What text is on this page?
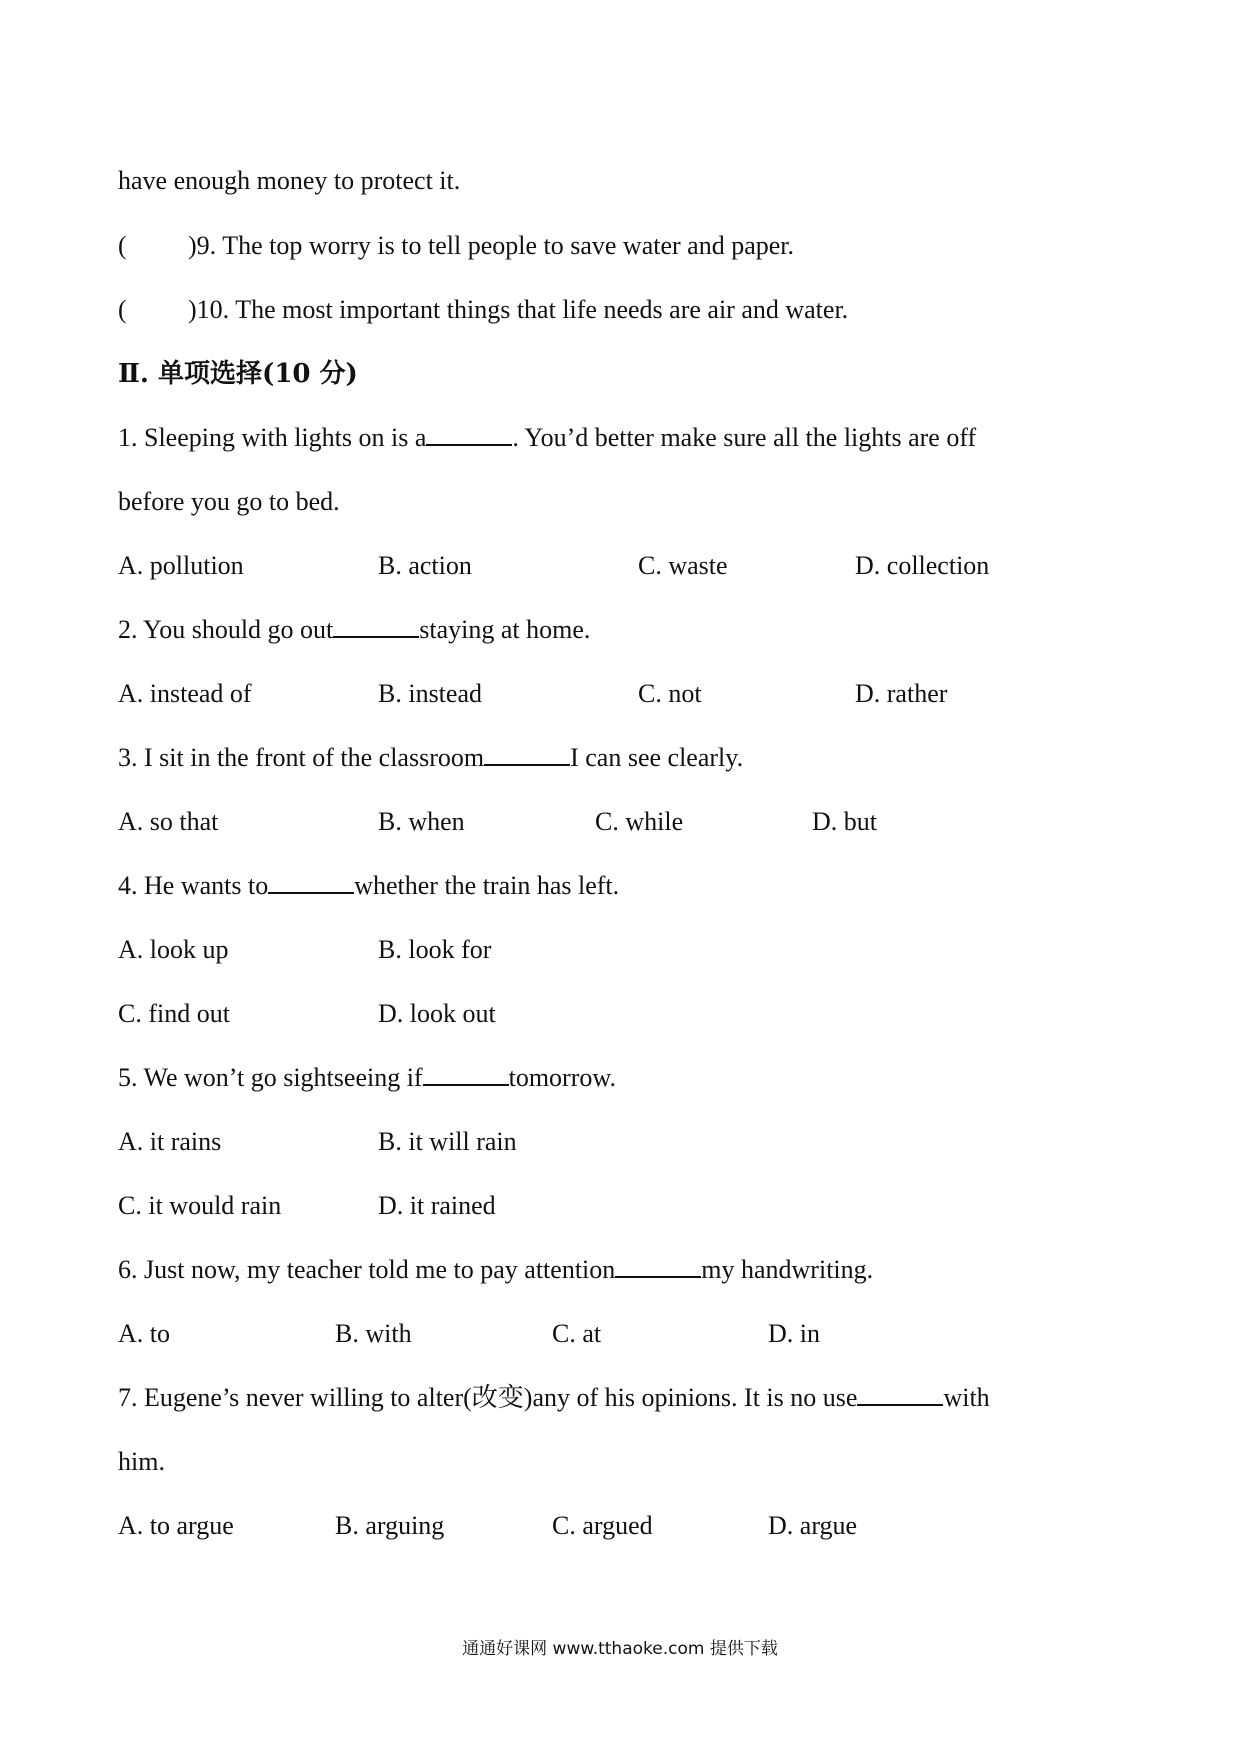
have enough money to protect it.
( )9. The top worry is to tell people to save water and paper.
( )10. The most important things that life needs are air and water.
Ⅱ. 单项选择(10 分)
1. Sleeping with lights on is a	. You’d better make sure all the lights are off
before you go to bed.
A. pollution	B. action	C. waste	D. collection
2. You should go out	staying at home.
A. instead of	B. instead	C. not	D. rather
3. I sit in the front of the classroom	I can see clearly.
A. so that	B. when	C. while	D. but
4. He wants to	whether the train has left.
A. look up	B. look for
C. find out	D. look out
5. We won’t go sightseeing if	tomorrow.
A. it rains	B. it will rain
C. it would rain	D. it rained
6. Just now, my teacher told me to pay attention	my handwriting.
A. to	B. with	C. at	D. in
7. Eugene’s never willing to alter(改变)any of his opinions. It is no use	with
him.
A. to argue	B. arguing	C. argued	D. argue
通通好课网 www.tthaoke.com 提供下载
